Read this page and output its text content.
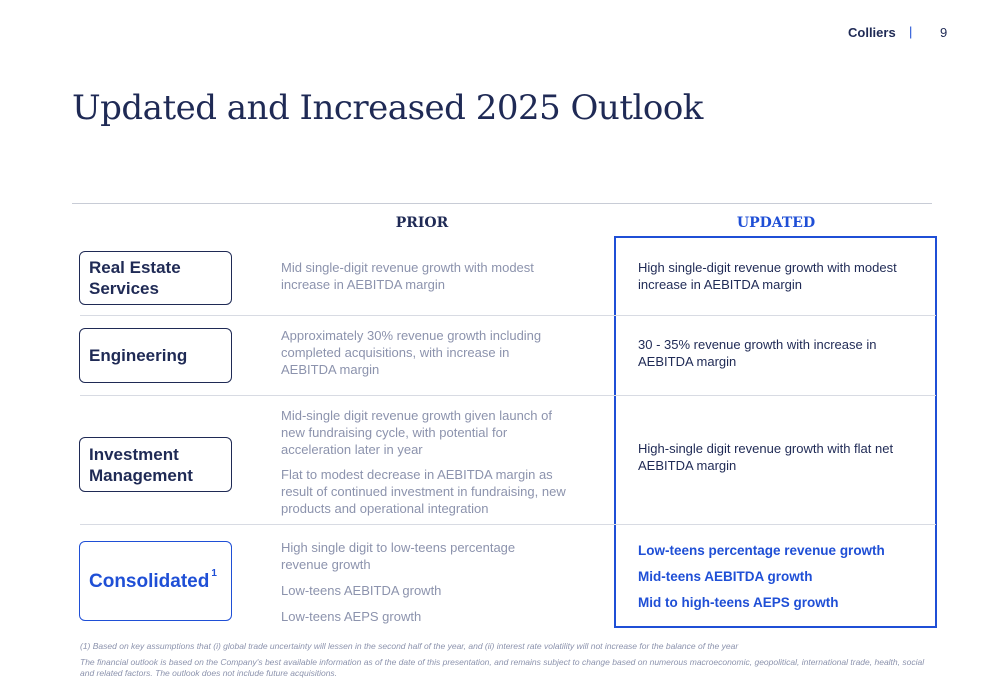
Colliers | 9
Updated and Increased 2025 Outlook
PRIOR	UPDATED
Real Estate Services

Mid single-digit revenue growth with modest increase in AEBITDA margin

High single-digit revenue growth with modest increase in AEBITDA margin

Engineering

Approximately 30% revenue growth including completed acquisitions, with increase in AEBITDA margin

30 - 35% revenue growth with increase in AEBITDA margin

Investment Management

Mid-single digit revenue growth given launch of new fundraising cycle, with potential for acceleration later in year

Flat to modest decrease in AEBITDA margin as result of continued investment in fundraising, new products and operational integration

High-single digit revenue growth with flat net AEBITDA margin

Consolidated$^1$

High single digit to low-teens percentage revenue growth

Low-teens AEBITDA growth

Low-teens AEPS growth

Low-teens percentage revenue growth

Mid-teens AEBITDA growth

Mid to high-teens AEPS growth

(1) Based on key assumptions that (i) global trade uncertainty will lessen in the second half of the year, and (ii) interest rate volatility will not increase for the balance of the year
The financial outlook is based on the Company's best available information as of the date of this presentation, and remains subject to change based on numerous macroeconomic, geopolitical, international trade, health, social and related factors. The outlook does not include future acquisitions.
